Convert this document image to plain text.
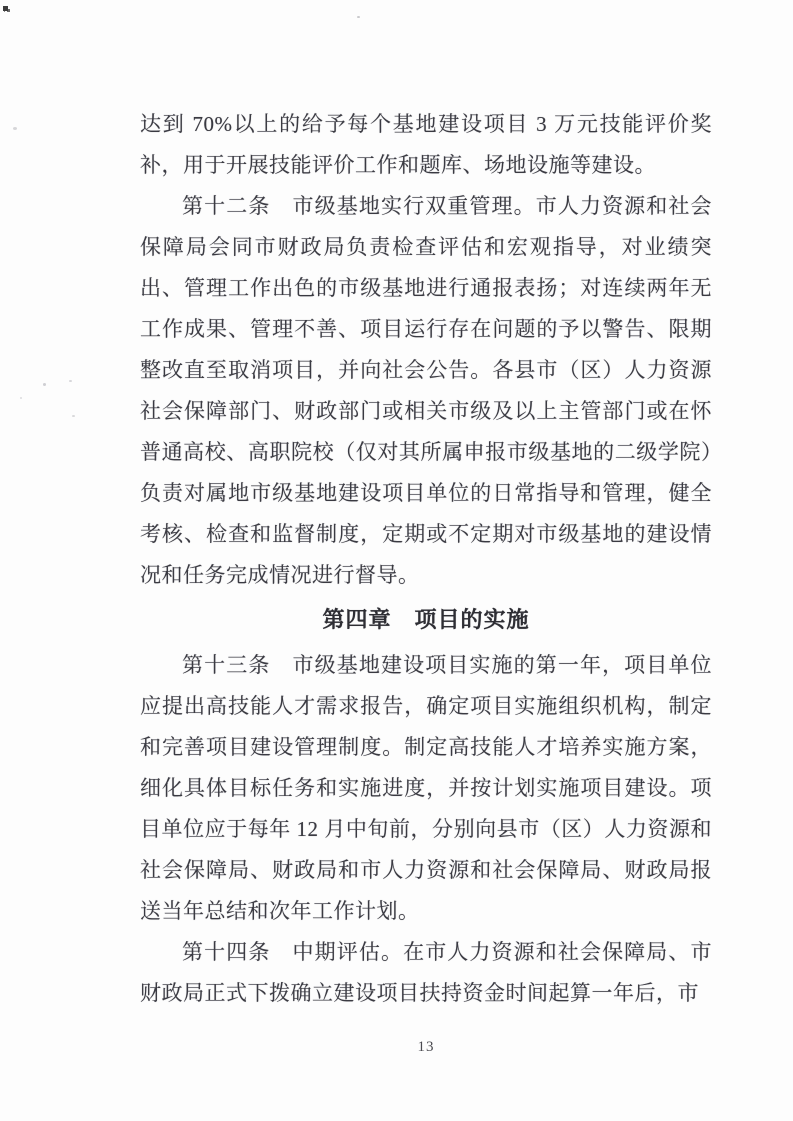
达到 70%以上的给予每个基地建设项目 3 万元技能评价奖补，用于开展技能评价工作和题库、场地设施等建设。

第十二条　市级基地实行双重管理。市人力资源和社会保障局会同市财政局负责检查评估和宏观指导，对业绩突出、管理工作出色的市级基地进行通报表扬；对连续两年无工作成果、管理不善、项目运行存在问题的予以警告、限期整改直至取消项目，并向社会公告。各县市（区）人力资源社会保障部门、财政部门或相关市级及以上主管部门或在怀普通高校、高职院校（仅对其所属申报市级基地的二级学院）负责对属地市级基地建设项目单位的日常指导和管理，健全考核、检查和监督制度，定期或不定期对市级基地的建设情况和任务完成情况进行督导。

第四章　项目的实施

第十三条　市级基地建设项目实施的第一年，项目单位应提出高技能人才需求报告，确定项目实施组织机构，制定和完善项目建设管理制度。制定高技能人才培养实施方案，细化具体目标任务和实施进度，并按计划实施项目建设。项目单位应于每年 12 月中旬前，分别向县市（区）人力资源和社会保障局、财政局和市人力资源和社会保障局、财政局报送当年总结和次年工作计划。

第十四条　中期评估。在市人力资源和社会保障局、市财政局正式下拨确立建设项目扶持资金时间起算一年后，市

13
